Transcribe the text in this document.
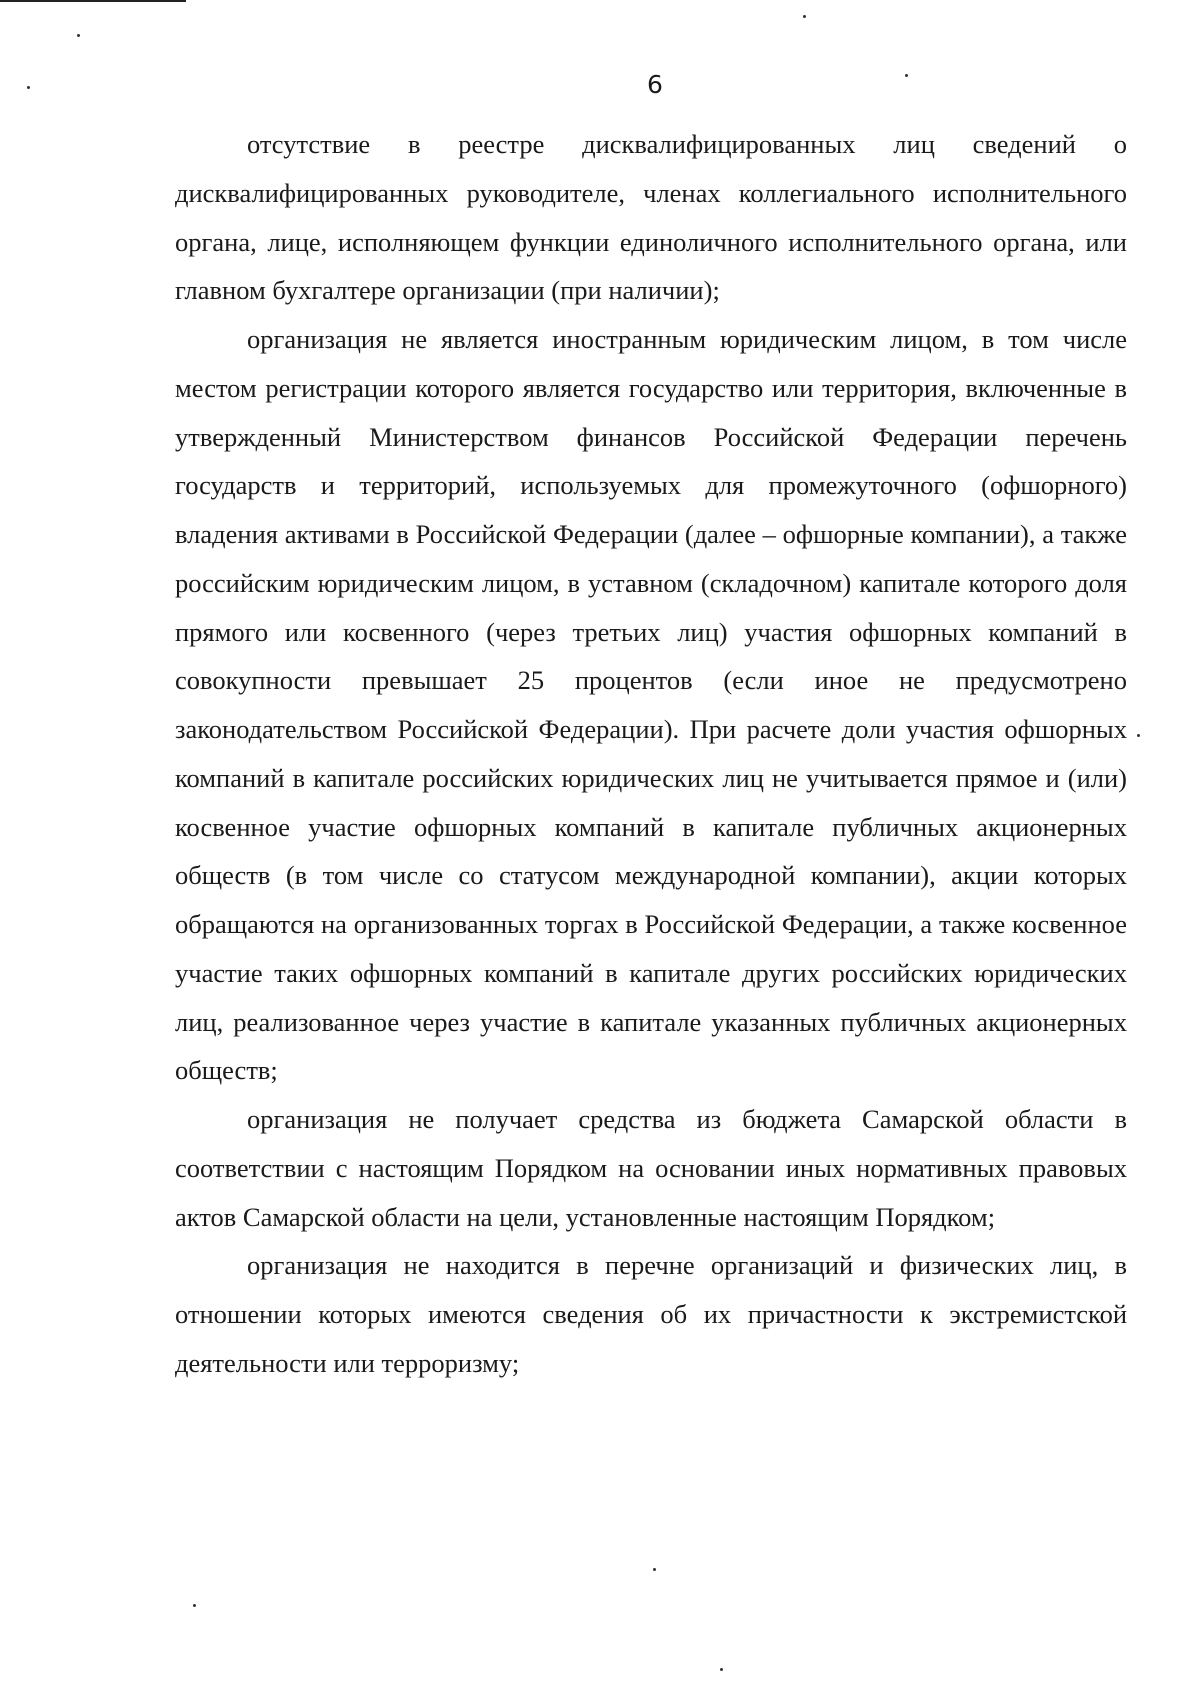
6

отсутствие в реестре дисквалифицированных лиц сведений о дисквалифицированных руководителе, членах коллегиального исполнительного органа, лице, исполняющем функции единоличного исполнительного органа, или главном бухгалтере организации (при наличии);

организация не является иностранным юридическим лицом, в том числе местом регистрации которого является государство или территория, включенные в утвержденный Министерством финансов Российской Федерации перечень государств и территорий, используемых для промежуточного (офшорного) владения активами в Российской Федерации (далее – офшорные компании), а также российским юридическим лицом, в уставном (складочном) капитале которого доля прямого или косвенного (через третьих лиц) участия офшорных компаний в совокупности превышает 25 процентов (если иное не предусмотрено законодательством Российской Федерации). При расчете доли участия офшорных компаний в капитале российских юридических лиц не учитывается прямое и (или) косвенное участие офшорных компаний в капитале публичных акционерных обществ (в том числе со статусом международной компании), акции которых обращаются на организованных торгах в Российской Федерации, а также косвенное участие таких офшорных компаний в капитале других российских юридических лиц, реализованное через участие в капитале указанных публичных акционерных обществ;

организация не получает средства из бюджета Самарской области в соответствии с настоящим Порядком на основании иных нормативных правовых актов Самарской области на цели, установленные настоящим Порядком;

организация не находится в перечне организаций и физических лиц, в отношении которых имеются сведения об их причастности к экстремистской деятельности или терроризму;
